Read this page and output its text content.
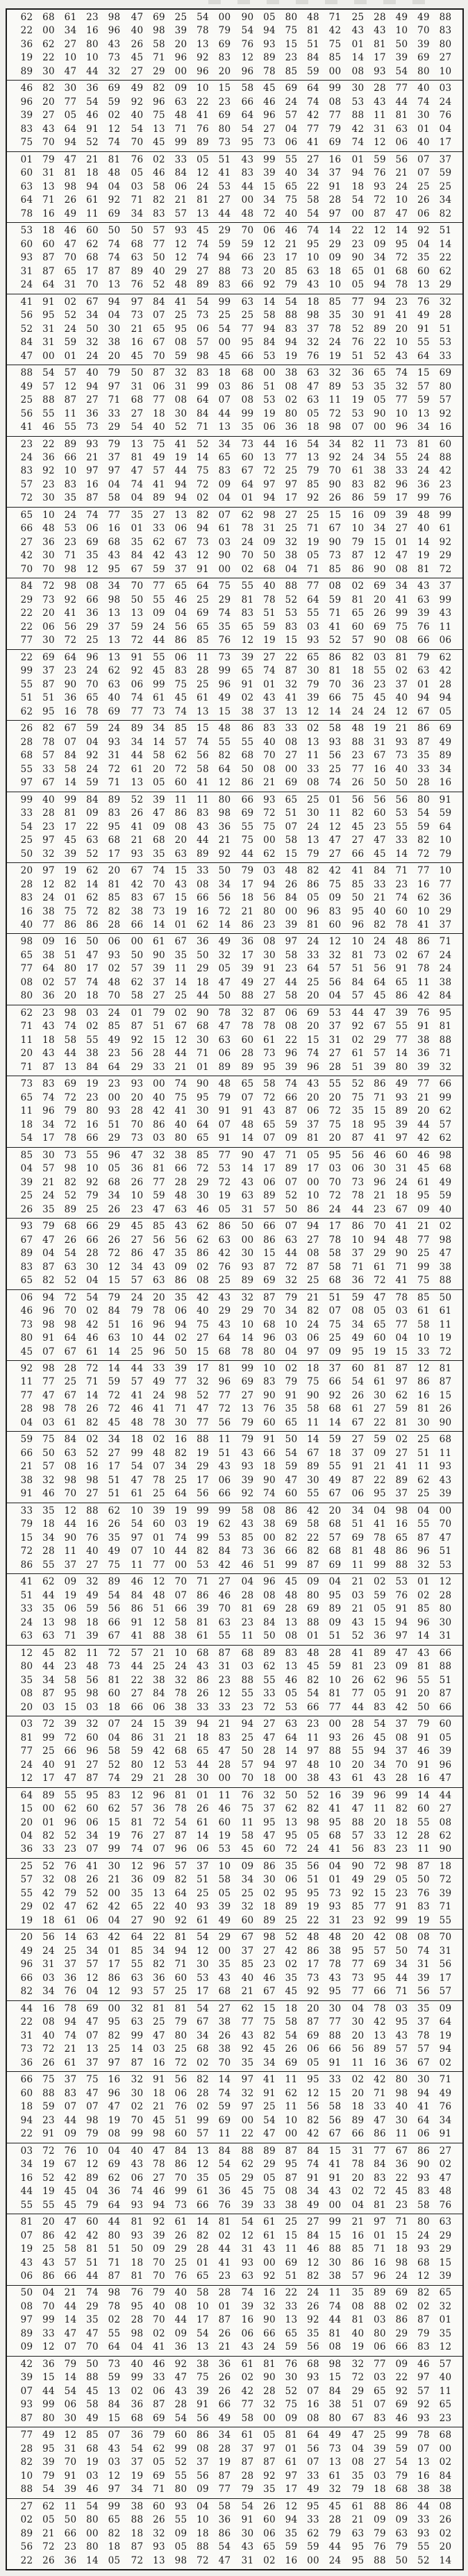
62	68	61	23	98	47	69	25	54	00	90	05	80	48	71	25	28	49	49	88
22	00	34	16	96	40	98	39	78	79	54	94	75	81	42	43	43	10	70	83
36	62	27	80	43	26	58	20	13	69	76	93	15	51	75	01	81	50	39	80
19	22	10	10	73	45	71	96	92	83	12	89	23	84	85	14	17	39	69	27
89	30	47	44	32	27	29	00	96	20	96	78	85	59	00	08	93	54	80	10
46	82	30	36	69	49	82	09	10	15	58	45	69	64	99	30	28	77	40	03
96	20	77	54	59	92	96	63	22	23	66	46	24	74	08	53	43	44	74	24
39	27	05	46	02	40	75	48	41	69	64	96	57	42	77	88	11	81	30	76
83	43	64	91	12	54	13	71	76	80	54	27	04	77	79	42	31	63	01	04
75	70	94	52	74	70	45	99	89	73	95	73	06	41	69	74	12	06	40	17
01	79	47	21	81	76	02	33	05	51	43	99	55	27	16	01	59	56	07	37
60	31	81	18	48	05	46	84	12	41	83	39	40	34	37	94	76	21	07	59
63	13	98	94	04	03	58	06	24	53	44	15	65	22	91	18	93	24	25	25
64	71	26	61	92	71	82	21	81	27	00	34	75	58	28	54	72	10	26	34
78	16	49	11	69	34	83	57	13	44	48	72	40	54	97	00	87	47	06	82
53	18	46	60	50	50	57	93	45	29	70	06	46	74	14	22	12	14	92	51
60	60	47	62	74	68	77	12	74	59	59	12	21	95	29	23	09	95	04	14
93	87	70	68	74	63	50	12	74	94	66	23	17	10	09	90	34	72	35	22
31	87	65	17	87	89	40	29	27	88	73	20	85	63	18	65	01	68	60	62
24	64	31	70	13	76	52	48	89	83	66	92	79	43	10	05	94	78	13	29
41	91	02	67	94	97	84	41	54	99	63	14	54	18	85	77	94	23	76	32
56	95	52	34	04	73	07	25	73	25	25	58	88	98	35	30	91	41	49	28
52	31	24	50	30	21	65	95	06	54	77	94	83	37	78	52	89	20	91	51
84	31	59	32	38	16	67	08	57	00	95	84	94	32	24	76	22	10	55	53
47	00	01	24	20	45	70	59	98	45	66	53	19	76	19	51	52	43	64	33
88	54	57	40	79	50	87	32	83	18	68	00	38	63	32	36	65	74	15	69
49	57	12	94	97	31	06	31	99	03	86	51	08	47	89	53	35	32	57	80
25	88	87	27	71	68	77	08	64	07	08	53	02	63	11	19	05	77	59	57
56	55	11	36	33	27	18	30	84	44	99	19	80	05	72	53	90	10	13	92
41	46	55	73	29	54	40	52	71	13	35	06	36	18	98	07	00	96	34	16
23	22	89	93	79	13	75	41	52	34	73	44	16	54	34	82	11	73	81	60
24	36	66	21	37	81	49	19	14	65	60	13	77	13	92	24	34	55	24	88
83	92	10	97	97	47	57	44	75	83	67	72	25	79	70	61	38	33	24	42
57	23	83	16	04	74	41	94	72	09	64	97	97	85	90	83	82	96	36	23
72	30	35	87	58	04	89	94	02	04	01	94	17	92	26	86	59	17	99	76
65	10	24	74	77	35	27	13	82	07	62	98	27	25	15	16	09	39	48	99
66	48	53	06	16	01	33	06	94	61	78	31	25	71	67	10	34	27	40	61
27	36	23	69	68	35	62	67	73	03	24	09	32	19	90	79	15	01	14	92
42	30	71	35	43	84	42	43	12	90	70	50	38	05	73	87	12	47	19	29
70	70	98	12	95	67	59	37	91	00	02	68	04	71	85	86	90	08	81	72
84	72	98	08	34	70	77	65	64	75	55	40	88	77	08	02	69	34	43	37
29	73	92	66	98	50	55	46	25	29	81	78	52	64	59	81	20	41	63	99
22	20	41	36	13	13	09	04	69	74	83	51	53	55	71	65	26	99	39	43
22	06	56	29	37	59	24	56	65	35	65	59	83	03	41	60	69	75	76	11
77	30	72	25	13	72	44	86	85	76	12	19	15	93	52	57	90	08	66	06
22	69	64	96	13	91	55	06	11	73	39	27	22	65	86	82	03	81	79	62
99	37	23	24	62	92	45	83	28	99	65	74	87	30	81	18	55	02	63	42
55	87	90	70	63	06	99	75	25	96	91	01	32	79	70	36	23	37	01	28
51	51	36	65	40	74	61	45	61	49	02	43	41	39	66	75	45	40	94	94
62	95	16	78	69	77	73	74	13	15	38	37	13	12	14	24	24	12	67	05
26	82	67	59	24	89	34	85	15	48	86	83	33	02	58	48	19	21	86	69
28	78	07	04	93	34	14	57	74	55	55	40	08	13	93	88	31	93	87	49
68	57	84	92	31	44	58	62	56	82	68	70	27	11	56	23	67	73	35	89
55	33	58	24	72	61	20	72	58	64	50	08	00	33	25	77	16	40	33	34
97	67	14	59	71	13	05	60	41	12	86	21	69	08	74	26	50	50	28	16
99	40	99	84	89	52	39	11	11	80	66	93	65	25	01	56	56	56	80	91
33	28	81	09	83	26	47	86	83	98	69	72	51	30	11	82	60	53	54	59
54	23	17	22	95	41	09	08	43	36	55	75	07	24	12	45	23	55	59	64
25	97	45	63	68	21	68	20	44	21	75	00	58	13	47	27	47	33	82	10
50	32	39	52	17	93	35	63	89	92	44	62	15	79	27	66	45	14	72	79
20	97	19	62	20	67	74	15	33	50	79	03	48	82	42	41	84	71	77	10
28	12	82	14	81	42	70	43	08	34	17	94	26	86	75	85	33	23	16	77
83	24	01	62	85	83	67	15	66	56	18	56	84	05	09	50	21	74	62	36
16	38	75	72	82	38	73	19	16	72	21	80	00	96	83	95	40	60	10	29
40	77	86	86	28	66	14	01	62	14	86	23	39	81	60	96	82	78	41	37
98	09	16	50	06	00	61	67	36	49	36	08	97	24	12	10	24	48	86	71
65	38	51	47	93	50	90	35	50	32	17	30	58	33	32	81	73	02	67	24
77	64	80	17	02	57	39	11	29	05	39	91	23	64	57	51	56	91	78	24
08	02	57	74	48	62	37	14	18	47	49	27	44	25	56	84	64	65	11	38
80	36	20	18	70	58	27	25	44	50	88	27	58	20	04	57	45	86	42	84
62	23	98	03	24	01	79	02	90	78	32	87	06	69	53	44	47	39	76	95
71	43	74	02	85	87	51	67	68	47	78	78	08	20	37	92	67	55	91	81
11	18	58	55	49	92	15	12	30	63	60	61	22	15	31	02	29	77	38	88
20	43	44	38	23	56	28	44	71	06	28	73	96	74	27	61	57	14	36	71
71	87	13	84	64	29	33	21	01	89	89	95	39	96	28	51	39	80	39	32
73	83	69	19	23	93	00	74	90	48	65	58	74	43	55	52	86	49	77	66
65	74	72	23	00	20	40	75	95	79	07	72	66	20	20	75	71	93	21	99
11	96	79	80	93	28	42	41	30	91	91	43	87	06	72	35	15	89	20	62
18	34	72	16	51	70	86	40	64	07	48	65	59	37	75	18	95	39	44	57
54	17	78	66	29	73	03	80	65	91	14	07	09	81	20	87	41	97	42	62
85	30	73	55	96	47	32	38	85	77	90	47	71	05	95	56	46	60	46	98
04	57	98	10	05	36	81	66	72	53	14	17	89	17	03	06	30	31	45	68
39	21	82	92	68	26	77	28	29	72	43	06	07	00	70	73	96	24	61	49
25	24	52	79	34	10	59	48	30	19	63	89	52	10	72	78	21	18	95	59
26	35	89	25	26	23	47	63	46	05	31	57	50	86	24	44	23	67	09	40
93	79	68	66	29	45	85	43	62	86	50	66	07	94	17	86	70	41	21	02
67	47	26	66	26	27	56	56	62	63	00	86	63	27	78	10	94	48	77	98
89	04	54	28	72	86	47	35	86	42	30	15	44	08	58	37	29	90	25	47
83	87	63	30	12	34	43	09	02	76	93	87	72	87	58	71	61	71	99	38
65	82	52	04	15	57	63	86	08	25	89	69	32	25	68	36	72	41	75	88
06	94	72	54	79	24	20	35	42	43	32	87	79	21	51	59	47	78	85	50
46	96	70	02	84	79	78	06	40	29	29	70	34	82	07	08	05	03	61	61
73	98	98	42	51	16	96	94	75	43	10	68	10	24	75	34	65	77	58	11
80	91	64	46	63	10	44	02	27	64	14	96	03	06	25	49	60	04	10	19
45	07	67	61	14	25	96	50	15	68	78	80	04	97	09	95	19	15	33	72
92	98	28	72	14	44	33	39	17	81	99	10	02	18	37	60	81	87	12	81
11	77	25	71	59	57	49	77	32	96	69	83	79	75	66	54	61	97	86	87
77	47	67	14	72	41	24	98	52	77	27	90	91	90	92	26	30	62	16	15
28	98	78	26	72	46	41	71	47	72	13	76	35	58	68	61	27	59	81	26
04	03	61	82	45	48	78	30	77	56	79	60	65	11	14	67	22	81	30	90
59	75	84	02	34	18	02	16	88	11	79	91	50	14	59	27	59	02	25	68
66	50	63	52	27	99	48	82	19	51	43	66	54	67	18	37	09	27	51	11
21	57	08	16	17	54	07	34	29	43	93	18	59	89	55	91	21	41	11	93
38	32	98	98	51	47	78	25	17	06	39	90	47	30	49	87	22	89	62	43
91	46	70	27	51	61	25	64	56	66	92	74	60	55	67	06	95	37	25	39
33	35	12	88	62	10	39	19	99	99	58	08	86	42	20	34	04	98	04	00
79	18	44	16	26	54	60	03	19	62	43	38	69	58	68	51	41	16	55	70
15	34	90	76	35	97	01	74	99	53	85	00	82	22	57	69	78	65	87	47
72	28	11	40	49	07	10	44	82	84	73	36	66	82	68	81	48	86	96	51
86	55	37	27	75	11	77	00	53	42	46	51	99	87	69	11	99	88	32	53
41	62	09	32	89	46	12	70	71	27	04	96	45	09	04	21	02	53	01	12
51	44	19	49	54	84	48	07	86	46	28	08	48	80	95	03	59	76	02	28
33	35	06	59	56	86	51	66	39	70	81	69	28	69	89	21	05	91	85	80
24	13	98	18	66	91	12	58	81	63	23	84	13	88	09	43	15	94	96	30
63	63	71	39	67	41	88	38	61	55	11	50	08	01	51	52	36	97	14	31
12	45	82	11	72	57	21	10	68	87	68	89	83	48	28	41	89	47	43	66
80	44	23	48	73	44	25	24	43	31	03	62	13	45	59	81	23	09	81	88
35	34	58	56	81	22	38	32	86	23	88	55	46	82	10	26	62	96	55	51
08	87	95	98	60	27	84	78	26	12	55	33	05	54	81	77	05	91	20	87
20	03	15	03	18	66	06	38	33	33	23	72	53	66	77	44	83	42	50	66
03	72	39	32	07	24	15	39	94	21	94	27	63	23	00	28	54	37	79	60
81	99	72	60	04	86	31	21	18	83	25	47	64	11	93	26	45	08	91	05
77	25	66	96	58	59	42	68	65	47	50	28	14	97	88	55	94	37	46	39
24	40	91	27	52	80	12	53	44	28	57	94	97	48	10	20	34	70	91	96
12	17	47	87	74	29	21	28	30	00	70	18	00	38	43	61	43	28	16	47
64	89	55	95	83	12	96	81	01	11	76	32	50	52	16	39	96	99	14	44
15	00	62	60	62	57	36	78	26	46	75	37	62	82	41	47	11	82	60	27
20	01	96	06	15	81	72	54	61	60	11	95	13	98	95	88	20	18	55	08
04	82	52	34	19	76	27	87	14	19	58	47	95	05	68	57	33	12	28	62
36	33	23	07	99	74	07	96	06	53	45	60	72	24	41	56	83	23	11	90
25	52	76	41	30	12	96	57	37	10	09	86	35	56	04	90	72	98	87	18
57	32	08	26	21	36	09	82	51	58	34	30	06	51	01	49	29	05	50	72
55	42	79	52	00	35	13	64	25	05	25	02	95	95	73	92	15	23	76	39
29	02	47	62	42	65	22	40	93	39	32	18	89	19	93	85	77	91	83	71
19	18	61	06	04	27	90	92	61	49	60	89	25	22	31	23	92	99	19	55
20	56	14	63	42	64	22	81	54	29	67	98	52	48	48	20	42	08	08	70
49	24	25	34	01	85	34	94	12	00	37	27	42	86	38	95	57	50	74	31
96	31	37	57	17	55	82	71	30	35	85	23	02	17	78	77	69	34	31	56
66	03	36	12	86	63	36	60	53	43	40	46	35	73	43	73	95	44	39	17
82	34	76	04	12	93	57	25	17	68	21	67	45	92	95	77	66	71	56	57
44	16	78	69	00	32	81	81	54	27	62	15	18	20	30	04	78	03	35	09
22	08	94	47	95	63	25	79	67	38	77	75	58	87	77	30	42	95	37	64
31	40	74	07	82	99	47	80	34	26	43	82	54	69	88	20	13	43	78	19
73	72	21	13	25	14	03	25	68	38	92	45	26	06	66	56	89	57	57	94
36	26	61	37	97	87	16	72	02	70	35	34	69	05	91	11	16	36	67	02
66	75	37	75	16	32	91	56	82	14	97	41	11	95	33	02	42	80	30	71
60	88	83	47	96	30	18	06	28	74	32	91	62	12	15	20	71	98	94	49
18	59	07	07	47	02	21	76	02	59	97	25	11	56	58	18	33	40	41	76
94	23	44	98	19	70	45	51	99	69	00	54	10	82	56	89	47	30	64	34
22	91	09	79	08	99	98	60	57	11	22	47	00	42	67	66	86	11	06	91
03	72	76	10	04	40	47	84	13	84	88	89	87	84	15	31	77	67	86	27
34	19	67	12	69	43	78	86	12	54	62	29	95	74	41	78	84	36	90	02
16	52	42	89	62	06	27	70	35	05	29	05	87	91	91	20	83	22	93	47
44	19	45	04	36	74	46	99	61	36	45	75	08	34	43	02	72	45	83	48
55	55	45	79	64	93	94	73	66	76	39	33	38	49	00	04	81	23	58	76
81	20	47	60	44	81	92	61	14	81	54	61	25	27	99	21	97	71	80	63
07	86	42	42	80	93	39	26	82	02	12	61	15	84	15	16	01	15	24	29
19	25	58	81	51	50	09	29	28	44	31	43	11	46	88	85	71	18	93	29
43	43	57	51	71	18	70	25	01	41	93	00	69	12	30	86	16	98	68	15
06	86	66	44	87	81	70	76	65	23	63	92	51	82	38	57	96	24	12	39
50	04	21	74	98	76	79	40	58	28	74	16	22	24	11	35	89	69	82	65
08	70	44	29	78	95	40	08	10	01	39	32	33	26	74	08	88	02	02	32
97	99	14	35	02	28	70	44	17	87	16	90	13	92	44	81	03	86	87	01
89	33	47	47	55	98	02	09	54	26	06	66	65	35	81	40	80	29	79	35
09	12	07	70	64	04	41	36	13	21	43	24	59	56	08	19	06	66	83	12
42	36	79	50	73	40	46	92	38	36	61	81	76	68	98	32	77	09	46	57
39	15	14	88	59	99	33	47	75	26	02	90	30	93	15	72	03	22	97	40
07	44	54	45	13	02	06	43	39	26	42	28	52	07	84	29	65	92	57	11
93	99	06	58	84	36	87	28	91	66	77	32	75	16	38	51	07	69	92	65
87	80	30	49	15	68	69	54	56	49	58	00	09	08	80	67	83	46	93	23
77	49	12	85	07	36	79	60	86	34	61	05	81	64	49	47	25	99	78	68
28	95	31	68	43	54	62	99	08	28	37	97	01	56	73	04	39	59	07	00
82	39	70	19	03	37	05	52	37	19	87	87	61	07	13	08	27	54	13	02
10	79	91	03	12	19	69	55	56	87	28	92	97	33	61	35	03	79	16	84
88	54	39	46	97	34	71	80	09	77	79	35	17	49	32	79	18	68	38	38
27	62	11	54	99	38	60	93	04	58	54	26	12	95	45	61	88	86	44	08
02	05	50	80	65	88	26	55	10	36	91	60	94	33	28	21	09	09	33	26
89	21	66	00	82	18	32	09	18	86	30	06	35	62	79	63	79	63	93	02
56	72	23	80	18	87	93	05	88	54	43	65	59	59	44	95	76	79	55	20
22	26	36	14	05	72	13	98	72	47	31	02	16	00	24	95	88	50	52	14
